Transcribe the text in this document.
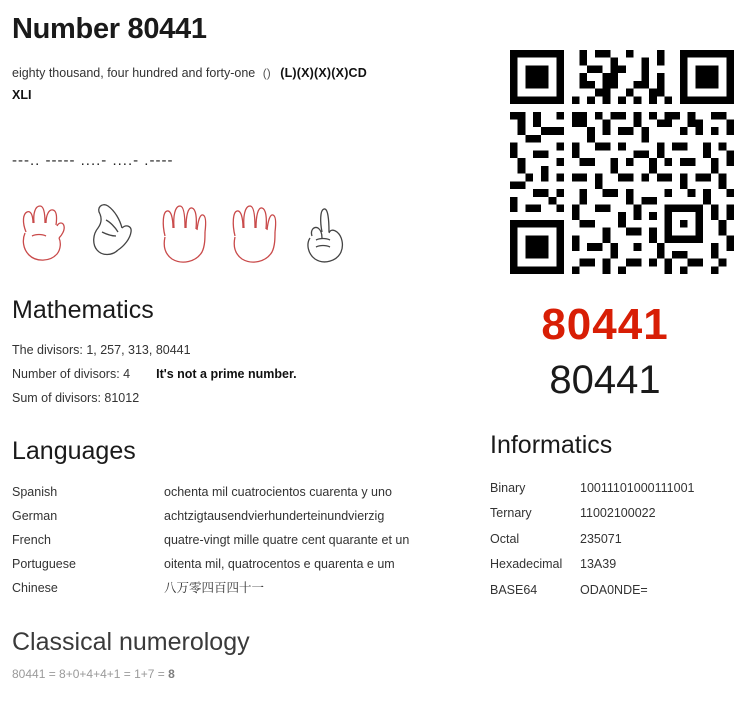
Number 80441
eighty thousand, four hundred and forty-one () (L)(X)(X)(X)CD
XLI
---.. ----- ....- ....- .----
Mathematics
The divisors: 1, 257, 313, 80441
Number of divisors: 4 It's not a prime number.
Sum of divisors: 81012
Languages
Spanish	ochenta mil cuatrocientos cuarenta y uno
German	achtzigtausendvierhunderteinundvierzig
French	quatre-vingt mille quatre cent quarante et un
Portuguese	oitenta mil, quatrocentos e quarenta e um
Chinese	八万零四百四十一
Classical numerology
80441 = 8+0+4+4+1 = 1+7 = 8
80441
80441
Informatics
Binary	10011101000111001
Ternary	11002100022
Octal	235071
Hexadecimal	13A39
BASE64	ODA0NDE=
